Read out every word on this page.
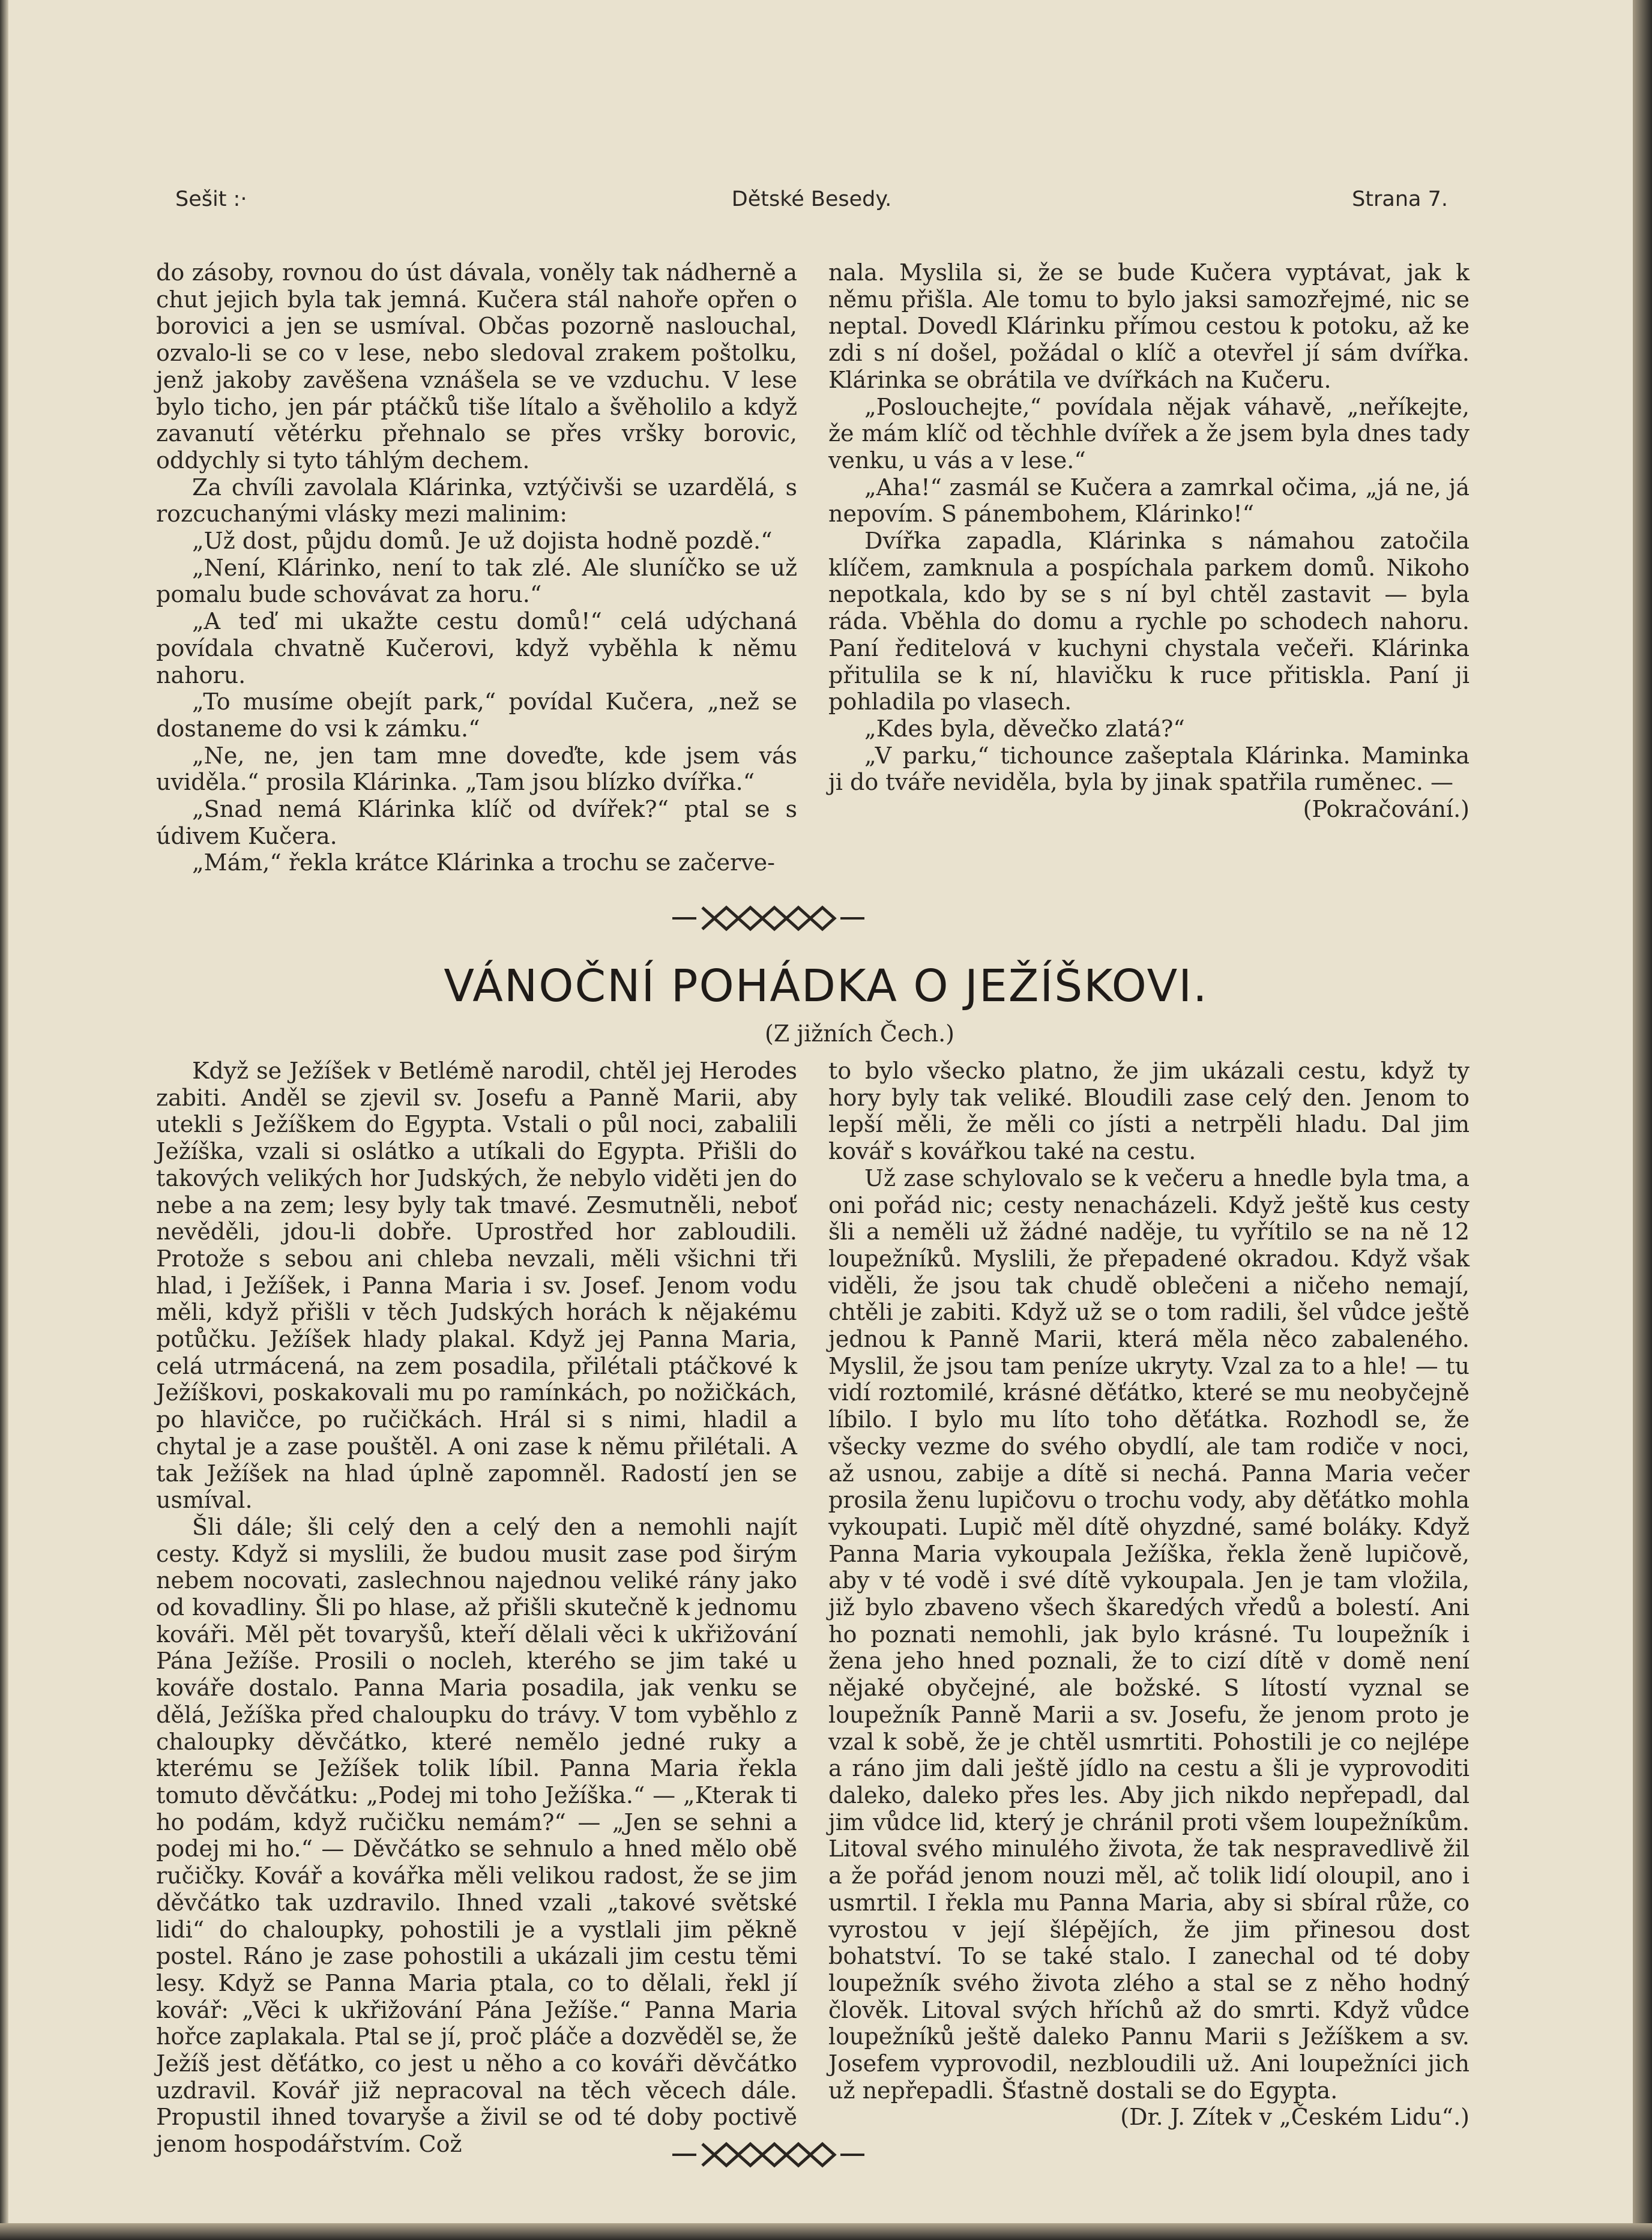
Sešit :·	Dětské Besedy.	Strana 7.

do zásoby, rovnou do úst dávala, voněly tak nádherně a chut jejich byla tak jemná. Kučera stál nahoře opřen o borovici a jen se usmíval. Občas pozorně naslouchal, ozvalo-li se co v lese, nebo sledoval zrakem poštolku, jenž jakoby zavěšena vznášela se ve vzduchu. V lese bylo ticho, jen pár ptáčků tiše lítalo a švěholilo a když zavanutí větérku přehnalo se přes vršky borovic, oddychly si tyto táhlým dechem.

Za chvíli zavolala Klárinka, vztýčivši se uzardělá, s rozcuchanými vlásky mezi malinim:

„Už dost, půjdu domů. Je už dojista hodně pozdě.“

„Není, Klárinko, není to tak zlé. Ale sluníčko se už pomalu bude schovávat za horu.“

„A teď mi ukažte cestu domů!“ celá udýchaná povídala chvatně Kučerovi, když vyběhla k němu nahoru.

„To musíme obejít park,“ povídal Kučera, „než se dostaneme do vsi k zámku.“

„Ne, ne, jen tam mne doveďte, kde jsem vás uviděla.“ prosila Klárinka. „Tam jsou blízko dvířka.“

„Snad nemá Klárinka klíč od dvířek?“ ptal se s údivem Kučera.

„Mám,“ řekla krátce Klárinka a trochu se začerve-

nala. Myslila si, že se bude Kučera vyptávat, jak k němu přišla. Ale tomu to bylo jaksi samozřejmé, nic se neptal. Dovedl Klárinku přímou cestou k potoku, až ke zdi s ní došel, požádal o klíč a otevřel jí sám dvířka. Klárinka se obrátila ve dvířkách na Kučeru.

„Poslouchejte,“ povídala nějak váhavě, „neříkejte, že mám klíč od těchhle dvířek a že jsem byla dnes tady venku, u vás a v lese.“

„Aha!“ zasmál se Kučera a zamrkal očima, „já ne, já nepovím. S pánembohem, Klárinko!“

Dvířka zapadla, Klárinka s námahou zatočila klíčem, zamknula a pospíchala parkem domů. Nikoho nepotkala, kdo by se s ní byl chtěl zastavit — byla ráda. Vběhla do domu a rychle po schodech nahoru. Paní ředitelová v kuchyni chystala večeři. Klárinka přitulila se k ní, hlavičku k ruce přitiskla. Paní ji pohladila po vlasech.

„Kdes byla, děvečko zlatá?“

„V parku,“ tichounce zašeptala Klárinka. Maminka ji do tváře neviděla, byla by jinak spatřila ruměnec. —

(Pokračování.)

VÁNOČNÍ POHÁDKA O JEŽÍŠKOVI.
(Z jižních Čech.)

Když se Ježíšek v Betlémě narodil, chtěl jej Herodes zabiti. Anděl se zjevil sv. Josefu a Panně Marii, aby utekli s Ježíškem do Egypta. Vstali o půl noci, zabalili Ježíška, vzali si oslátko a utíkali do Egypta. Přišli do takových velikých hor Judských, že nebylo viděti jen do nebe a na zem; lesy byly tak tmavé. Zesmutněli, neboť nevěděli, jdou-li dobře. Uprostřed hor zabloudili. Protože s sebou ani chleba nevzali, měli všichni tři hlad, i Ježíšek, i Panna Maria i sv. Josef. Jenom vodu měli, když přišli v těch Judských horách k nějakému potůčku. Ježíšek hlady plakal. Když jej Panna Maria, celá utrmácená, na zem posadila, přilétali ptáčkové k Ježíškovi, poskakovali mu po ramínkách, po nožičkách, po hlavičce, po ručičkách. Hrál si s nimi, hladil a chytal je a zase pouštěl. A oni zase k němu přilétali. A tak Ježíšek na hlad úplně zapomněl. Radostí jen se usmíval.

Šli dále; šli celý den a celý den a nemohli najít cesty. Když si myslili, že budou musit zase pod širým nebem nocovati, zaslechnou najednou veliké rány jako od kovadliny. Šli po hlase, až přišli skutečně k jednomu kováři. Měl pět tovaryšů, kteří dělali věci k ukřižování Pána Ježíše. Prosili o nocleh, kterého se jim také u kováře dostalo. Panna Maria posadila, jak venku se dělá, Ježíška před chaloupku do trávy. V tom vyběhlo z chaloupky děvčátko, které nemělo jedné ruky a kterému se Ježíšek tolik líbil. Panna Maria řekla tomuto děvčátku: „Podej mi toho Ježíška.“ — „Kterak ti ho podám, když ručičku nemám?“ — „Jen se sehni a podej mi ho.“ — Děvčátko se sehnulo a hned mělo obě ručičky. Kovář a kovářka měli velikou radost, že se jim děvčátko tak uzdravilo. Ihned vzali „takové světské lidi“ do chaloupky, pohostili je a vystlali jim pěkně postel. Ráno je zase pohostili a ukázali jim cestu těmi lesy. Když se Panna Maria ptala, co to dělali, řekl jí kovář: „Věci k ukřižování Pána Ježíše.“ Panna Maria hořce zaplakala. Ptal se jí, proč pláče a dozvěděl se, že Ježíš jest děťátko, co jest u něho a co kováři děvčátko uzdravil. Kovář již nepracoval na těch věcech dále. Propustil ihned tovaryše a živil se od té doby poctivě jenom hospodářstvím. Což

to bylo všecko platno, že jim ukázali cestu, když ty hory byly tak veliké. Bloudili zase celý den. Jenom to lepší měli, že měli co jísti a netrpěli hladu. Dal jim kovář s kovářkou také na cestu.

Už zase schylovalo se k večeru a hnedle byla tma, a oni pořád nic; cesty nenacházeli. Když ještě kus cesty šli a neměli už žádné naděje, tu vyřítilo se na ně 12 loupežníků. Myslili, že přepadené okradou. Když však viděli, že jsou tak chudě oblečeni a ničeho nemají, chtěli je zabiti. Když už se o tom radili, šel vůdce ještě jednou k Panně Marii, která měla něco zabaleného. Myslil, že jsou tam peníze ukryty. Vzal za to a hle! — tu vidí roztomilé, krásné děťátko, které se mu neobyčejně líbilo. I bylo mu líto toho děťátka. Rozhodl se, že všecky vezme do svého obydlí, ale tam rodiče v noci, až usnou, zabije a dítě si nechá. Panna Maria večer prosila ženu lupičovu o trochu vody, aby děťátko mohla vykoupati. Lupič měl dítě ohyzdné, samé boláky. Když Panna Maria vykoupala Ježíška, řekla ženě lupičově, aby v té vodě i své dítě vykoupala. Jen je tam vložila, již bylo zbaveno všech škaredých vředů a bolestí. Ani ho poznati nemohli, jak bylo krásné. Tu loupežník i žena jeho hned poznali, že to cizí dítě v domě není nějaké obyčejné, ale božské. S lítostí vyznal se loupežník Panně Marii a sv. Josefu, že jenom proto je vzal k sobě, že je chtěl usmrtiti. Pohostili je co nejlépe a ráno jim dali ještě jídlo na cestu a šli je vyprovoditi daleko, daleko přes les. Aby jich nikdo nepřepadl, dal jim vůdce lid, který je chránil proti všem loupežníkům. Litoval svého minulého života, že tak nespravedlivě žil a že pořád jenom nouzi měl, ač tolik lidí oloupil, ano i usmrtil. I řekla mu Panna Maria, aby si sbíral růže, co vyrostou v její šlépějích, že jim přinesou dost bohatství. To se také stalo. I zanechal od té doby loupežník svého života zlého a stal se z něho hodný člověk. Litoval svých hříchů až do smrti. Když vůdce loupežníků ještě daleko Pannu Marii s Ježíškem a sv. Josefem vyprovodil, nezbloudili už. Ani loupežníci jich už nepřepadli. Šťastně dostali se do Egypta.

(Dr. J. Zítek v „Českém Lidu“.)
